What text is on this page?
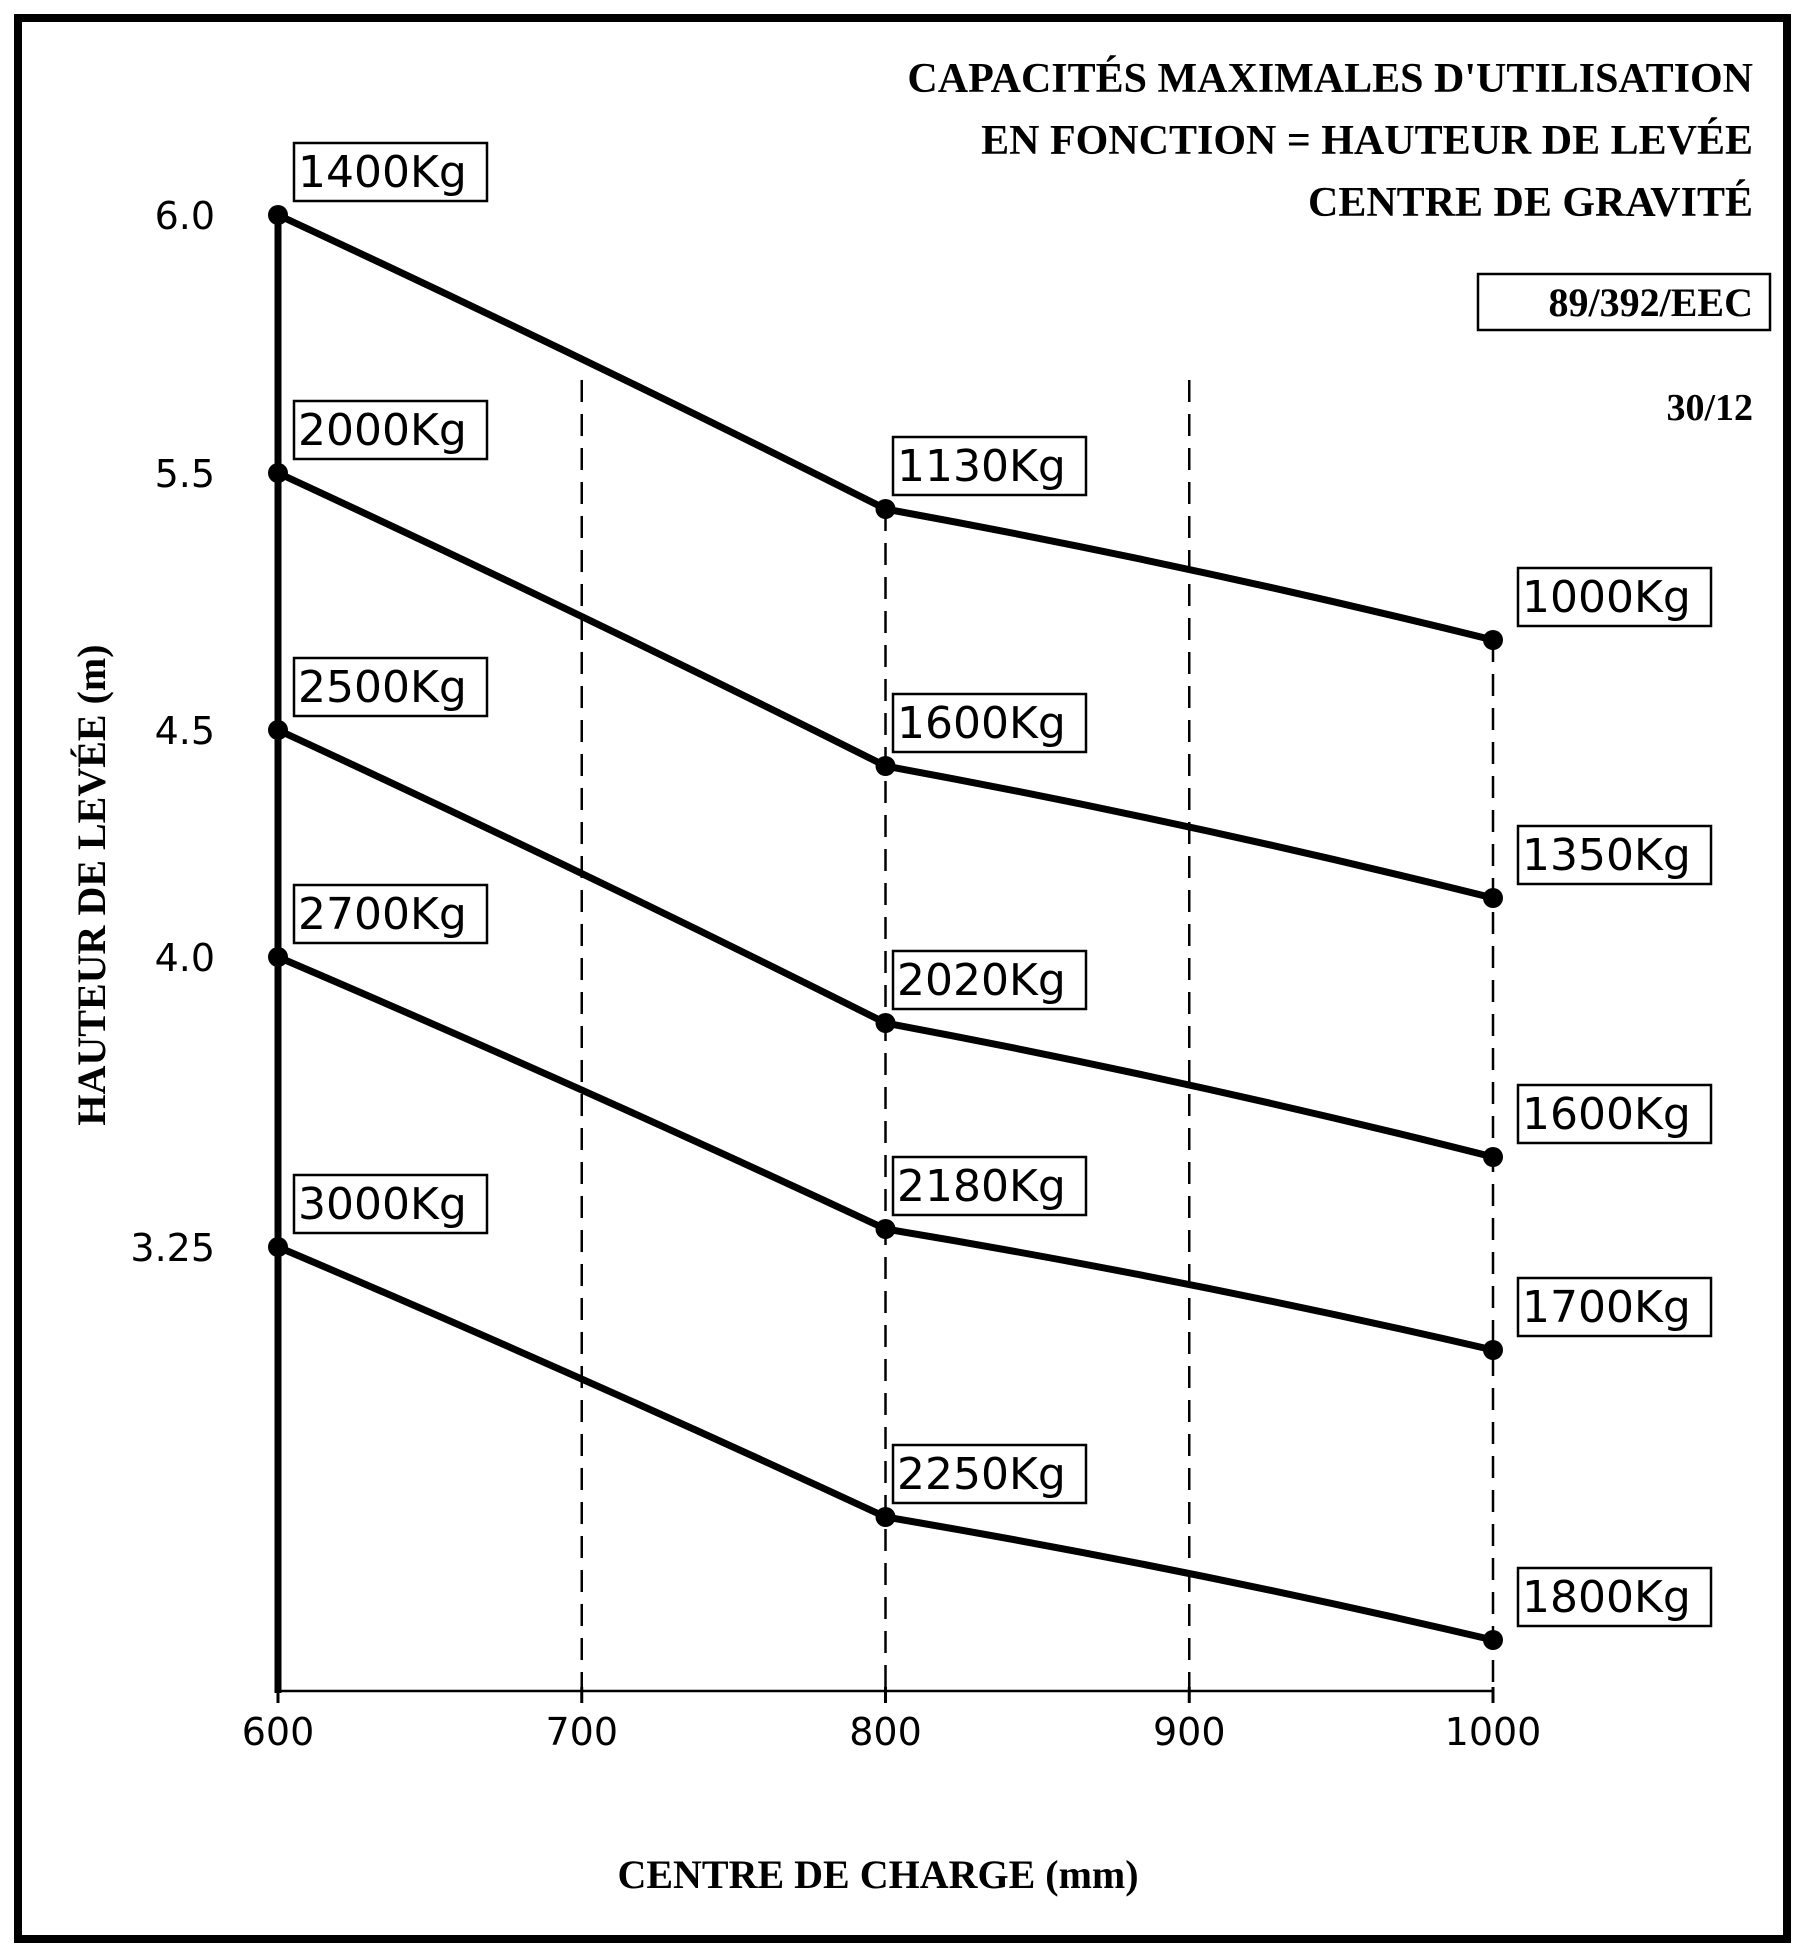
CAPACITÉS MAXIMALES D'UTILISATION
EN FONCTION = HAUTEUR DE LEVÉE
CENTRE DE GRAVITÉ
89/392/EEC
30/12
HAUTEUR DE LEVÉE (m)
CENTRE DE CHARGE (mm)
600	700	800	900	1000
6.0
5.5
4.5
4.0
3.25
1400Kg
1130Kg
1000Kg
2000Kg
1600Kg
1350Kg
2500Kg
2020Kg
1600Kg
2700Kg
2180Kg
1700Kg
3000Kg
2250Kg
1800Kg
